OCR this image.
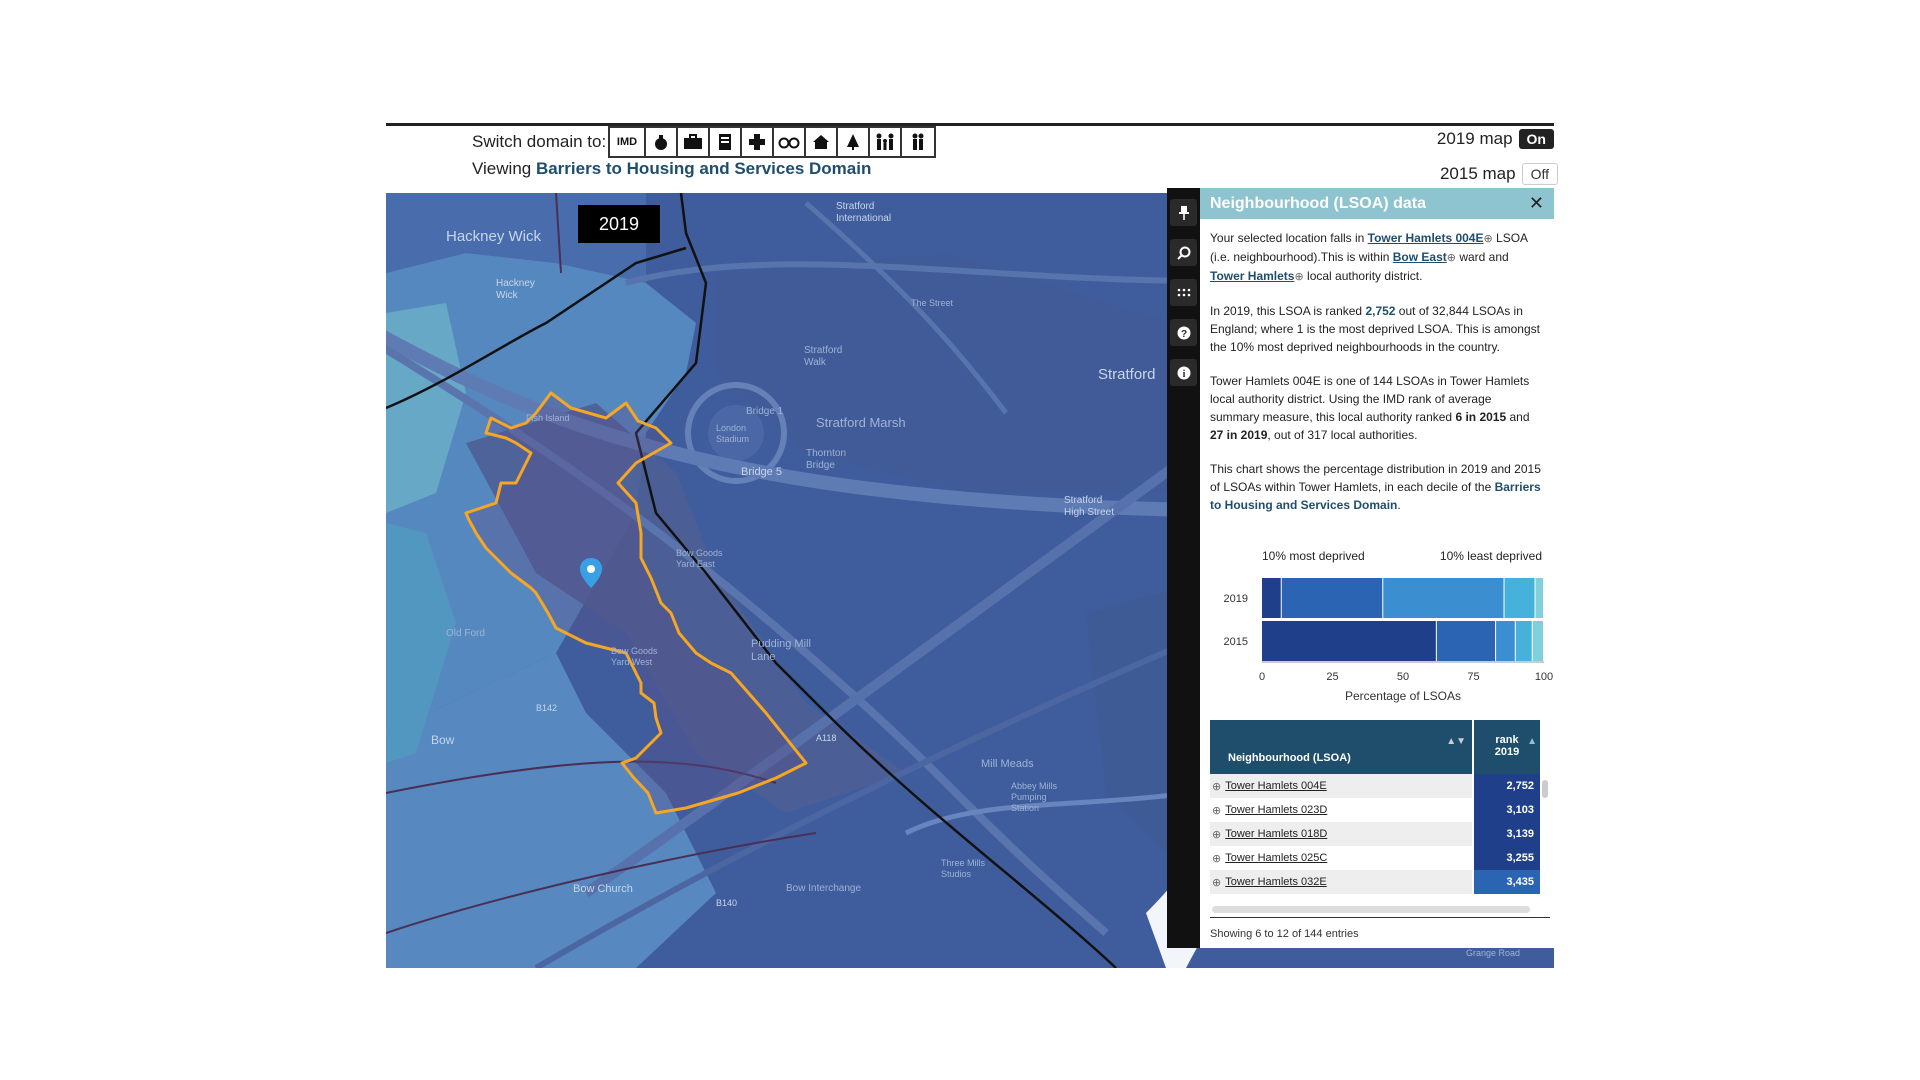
Switch domain to: IMD
Viewing Barriers to Housing and Services Domain
2019 map	On
2015 map	Off
Hackney Wick
Hackney Wick
Stratford
Stratford International
The Street
Stratford Walk
Stratford Marsh
Bridge 1
Bridge 5
Thornton Bridge
London Stadium
Bow Goods Yard East
Bow Goods Yard West
Pudding Mill Lane
Fish Island
Old Ford
B142
A118
B140
Bow
Bow Church	Bow Interchange
Mill Meads
Abbey Mills Pumping Station
Three Mills Studios
Stratford High Street
Grange Road
2019
?
i
Neighbourhood (LSOA) data	✕

Your selected location falls in Tower Hamlets 004E⊕ LSOA (i.e. neighbourhood).This is within Bow East⊕ ward and Tower Hamlets⊕ local authority district.

In 2019, this LSOA is ranked 2,752 out of 32,844 LSOAs in England; where 1 is the most deprived LSOA. This is amongst the 10% most deprived neighbourhoods in the country.

Tower Hamlets 004E is one of 144 LSOAs in Tower Hamlets local authority district. Using the IMD rank of average summary measure, this local authority ranked 6 in 2015 and 27 in 2019, out of 317 local authorities.

This chart shows the percentage distribution in 2019 and 2015 of LSOAs within Tower Hamlets, in each decile of the Barriers to Housing and Services Domain.

10% most deprived	10% least deprived
2019
2015
0	25	50	75	100
Percentage of LSOAs
Neighbourhood (LSOA)
▲▼	rank
2019
▲
⊕ Tower Hamlets 004E	2,752
⊕ Tower Hamlets 023D	3,103
⊕ Tower Hamlets 018D	3,139
⊕ Tower Hamlets 025C	3,255
⊕ Tower Hamlets 032E	3,435
Showing 6 to 12 of 144 entries
